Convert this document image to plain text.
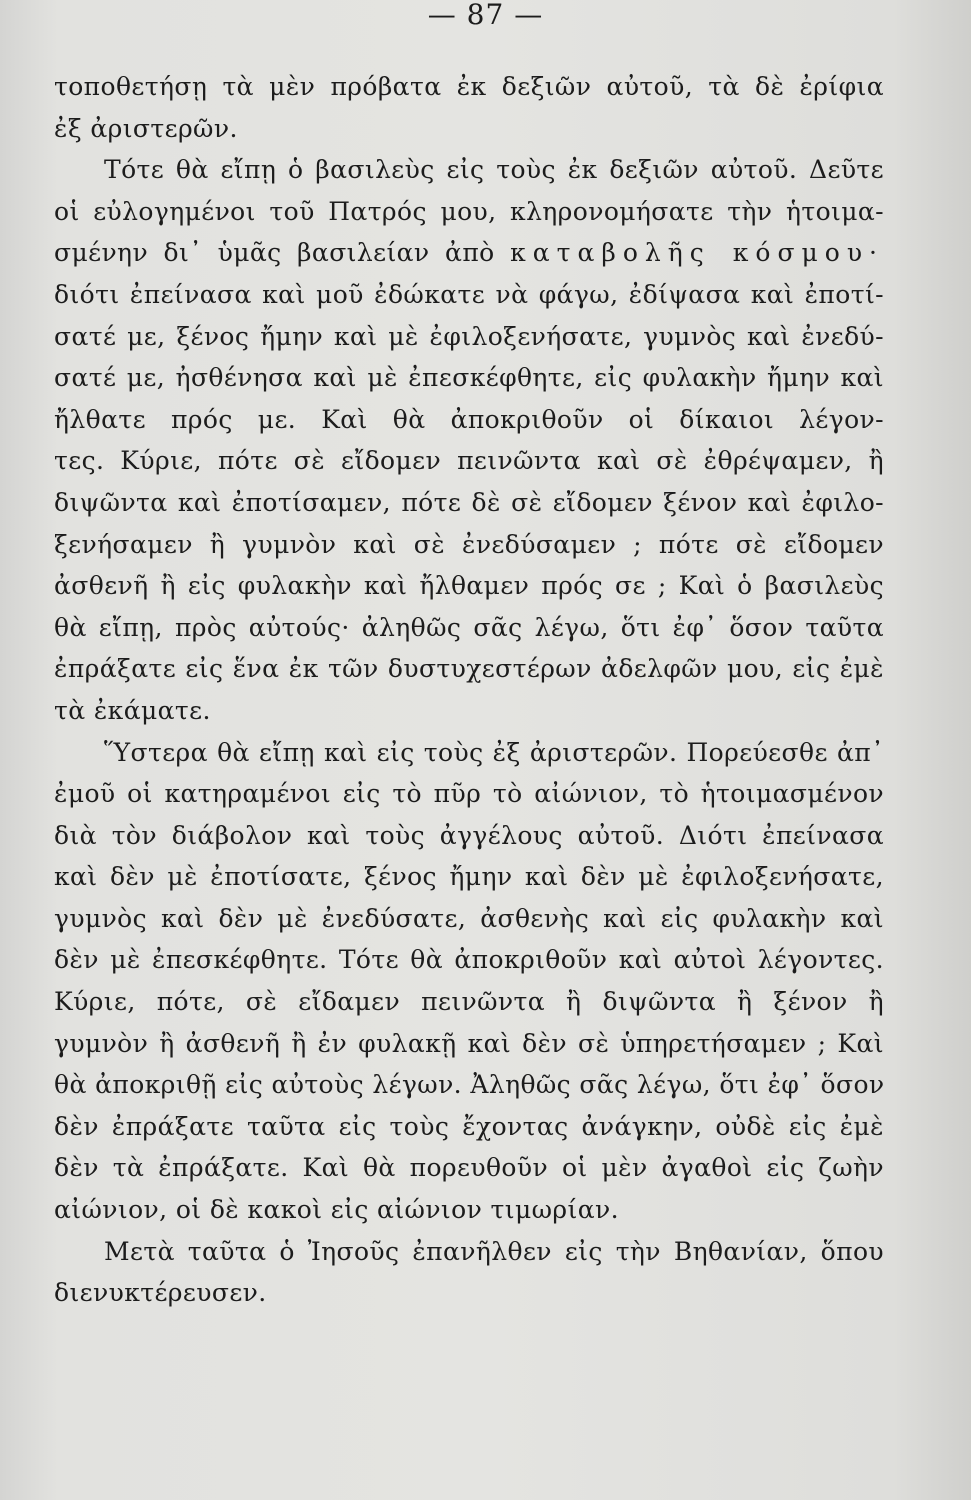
— 87 —
τοποθετήσῃ τὰ μὲν πρόβατα ἐκ δεξιῶν αὐτοῦ, τὰ δὲ ἐρίφια
ἐξ ἀριστερῶν.
Τότε θὰ εἴπῃ ὁ βασιλεὺς εἰς τοὺς ἐκ δεξιῶν αὐτοῦ. Δεῦτε
οἱ εὐλογημένοι τοῦ Πατρός μου, κληρονομήσατε τὴν ἡτοιμα-
σμένην δι᾿ ὑμᾶς βασιλείαν ἀπὸ καταβολῆς κόσμου·
διότι ἐπείνασα καὶ μοῦ ἐδώκατε νὰ φάγω, ἐδίψασα καὶ ἐποτί-
σατέ με, ξένος ἤμην καὶ μὲ ἐφιλοξενήσατε, γυμνὸς καὶ ἐνεδύ-
σατέ με, ἠσθένησα καὶ μὲ ἐπεσκέφθητε, εἰς φυλακὴν ἤμην καὶ
ἤλθατε πρός με. Καὶ θὰ ἀποκριθοῦν οἱ δίκαιοι λέγον-
τες. Κύριε, πότε σὲ εἴδομεν πεινῶντα καὶ σὲ ἐθρέψαμεν, ἢ
διψῶντα καὶ ἐποτίσαμεν, πότε δὲ σὲ εἴδομεν ξένον καὶ ἐφιλο-
ξενήσαμεν ἢ γυμνὸν καὶ σὲ ἐνεδύσαμεν ; πότε σὲ εἴδομεν
ἀσθενῆ ἢ εἰς φυλακὴν καὶ ἤλθαμεν πρός σε ; Καὶ ὁ βασιλεὺς
θὰ εἴπῃ, πρὸς αὐτούς· ἀληθῶς σᾶς λέγω, ὅτι ἐφ᾿ ὅσον ταῦτα
ἐπράξατε εἰς ἕνα ἐκ τῶν δυστυχεστέρων ἀδελφῶν μου, εἰς ἐμὲ
τὰ ἐκάματε.
Ὕστερα θὰ εἴπῃ καὶ εἰς τοὺς ἐξ ἀριστερῶν. Πορεύεσθε ἀπ᾿
ἐμοῦ οἱ κατηραμένοι εἰς τὸ πῦρ τὸ αἰώνιον, τὸ ἡτοιμασμένον
διὰ τὸν διάβολον καὶ τοὺς ἀγγέλους αὐτοῦ. Διότι ἐπείνασα
καὶ δὲν μὲ ἐποτίσατε, ξένος ἤμην καὶ δὲν μὲ ἐφιλοξενήσατε,
γυμνὸς καὶ δὲν μὲ ἐνεδύσατε, ἀσθενὴς καὶ εἰς φυλακὴν καὶ
δὲν μὲ ἐπεσκέφθητε. Τότε θὰ ἀποκριθοῦν καὶ αὐτοὶ λέγοντες.
Κύριε, πότε, σὲ εἴδαμεν πεινῶντα ἢ διψῶντα ἢ ξένον ἢ
γυμνὸν ἢ ἀσθενῆ ἢ ἐν φυλακῇ καὶ δὲν σὲ ὑπηρετήσαμεν ; Καὶ
θὰ ἀποκριθῇ εἰς αὐτοὺς λέγων. Ἀληθῶς σᾶς λέγω, ὅτι ἐφ᾿ ὅσον
δὲν ἐπράξατε ταῦτα εἰς τοὺς ἔχοντας ἀνάγκην, οὐδὲ εἰς ἐμὲ
δὲν τὰ ἐπράξατε. Καὶ θὰ πορευθοῦν οἱ μὲν ἀγαθοὶ εἰς ζωὴν
αἰώνιον, οἱ δὲ κακοὶ εἰς αἰώνιον τιμωρίαν.
Μετὰ ταῦτα ὁ Ἰησοῦς ἐπανῆλθεν εἰς τὴν Βηθανίαν, ὅπου
διενυκτέρευσεν.
